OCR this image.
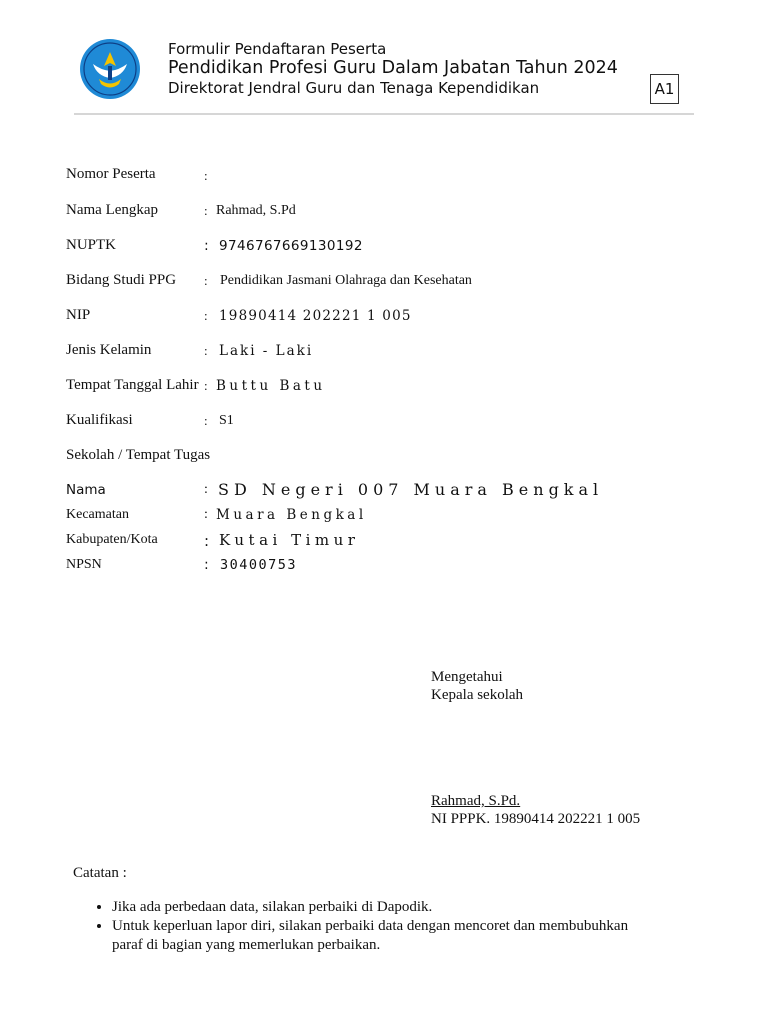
Formulir Pendaftaran Peserta
Pendidikan Profesi Guru Dalam Jabatan Tahun 2024
Direktorat Jendral Guru dan Tenaga Kependidikan	A1
Nomor Peserta	:
Nama Lengkap	: Rahmad, S.Pd
NUPTK	: 9746767669130192
Bidang Studi PPG : Pendidikan Jasmani Olahraga dan Kesehatan
NIP	: 19890414 202221 1 005
Jenis Kelamin	: Laki - Laki
Tempat Tanggal Lahir : Buttu Batu
Kualifikasi	: S1
Sekolah / Tempat Tugas
Nama	: SD Negeri 007 Muara Bengkal
Kecamatan	: Muara Bengkal
Kabupaten/Kota	: Kutai Timur
NPSN	: 30400753
Mengetahui
Kepala sekolah
Rahmad, S.Pd.
NI PPPK. 19890414 202221 1 005
Catatan :
• Jika ada perbedaan data, silakan perbaiki di Dapodik.
• Untuk keperluan lapor diri, silakan perbaiki data dengan mencoret dan membubuhkan paraf di bagian yang memerlukan perbaikan.
